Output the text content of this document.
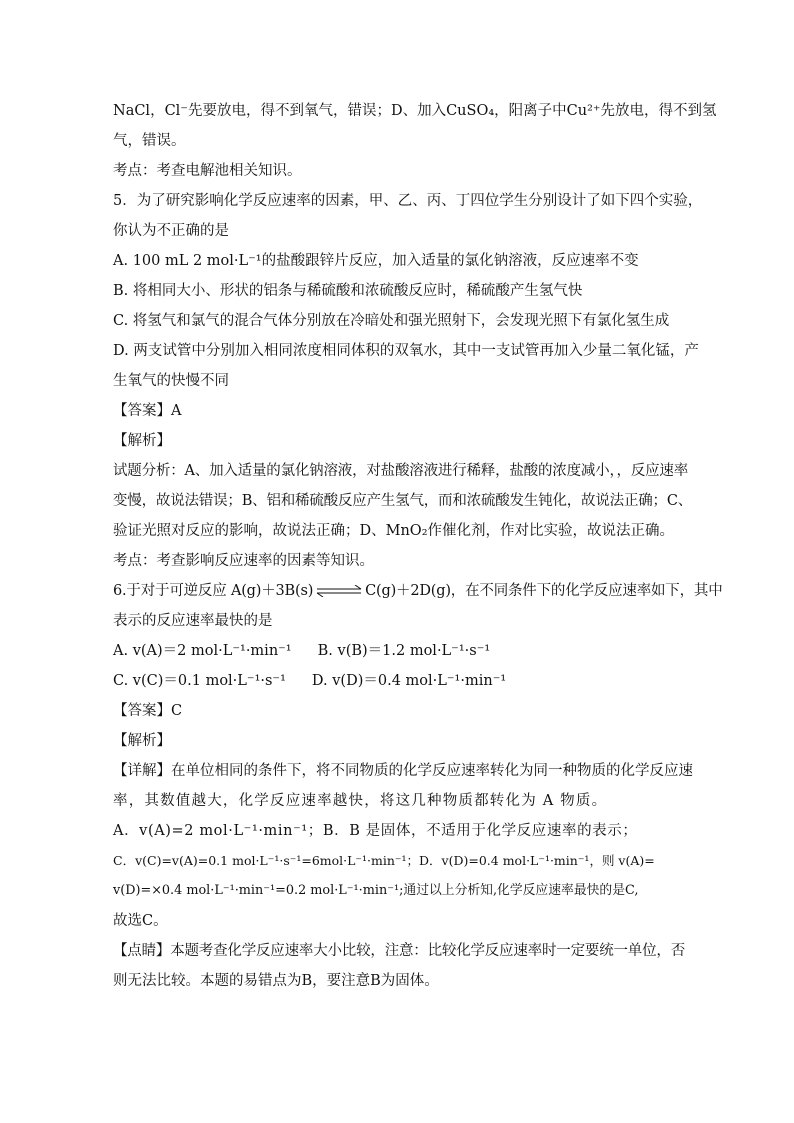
NaCl，Cl⁻先要放电，得不到氧气，错误；D、加入CuSO₄，阳离子中Cu²⁺先放电，得不到氢
气，错误。
考点：考查电解池相关知识。
5．为了研究影响化学反应速率的因素，甲、乙、丙、丁四位学生分别设计了如下四个实验，
你认为不正确的是
A. 100 mL 2 mol·L⁻¹的盐酸跟锌片反应，加入适量的氯化钠溶液，反应速率不变
B. 将相同大小、形状的铝条与稀硫酸和浓硫酸反应时，稀硫酸产生氢气快
C. 将氢气和氯气的混合气体分别放在冷暗处和强光照射下，会发现光照下有氯化氢生成
D. 两支试管中分别加入相同浓度相同体积的双氧水，其中一支试管再加入少量二氧化锰，产
生氧气的快慢不同
【答案】A
【解析】
试题分析：A、加入适量的氯化钠溶液，对盐酸溶液进行稀释，盐酸的浓度减小，，反应速率
变慢，故说法错误；B、铝和稀硫酸反应产生氢气，而和浓硫酸发生钝化，故说法正确；C、
验证光照对反应的影响，故说法正确；D、MnO₂作催化剂，作对比实验，故说法正确。
考点：考查影响反应速率的因素等知识。
6.于对于可逆反应 A(g)＋3B(s) ⇌ C(g)＋2D(g)，在不同条件下的化学反应速率如下，其中
表示的反应速率最快的是
A. v(A)＝2 mol·L⁻¹·min⁻¹ B. v(B)＝1.2 mol·L⁻¹·s⁻¹
C. v(C)＝0.1 mol·L⁻¹·s⁻¹ D. v(D)＝0.4 mol·L⁻¹·min⁻¹
【答案】C
【解析】
【详解】在单位相同的条件下，将不同物质的化学反应速率转化为同一种物质的化学反应速
率，其数值越大，化学反应速率越快，将这几种物质都转化为 A 物质。
A．v(A)=2 mol·L⁻¹·min⁻¹；B．B 是固体，不适用于化学反应速率的表示；
C．v(C)=v(A)=0.1 mol·L⁻¹·s⁻¹=6mol·L⁻¹·min⁻¹；D．v(D)=0.4 mol·L⁻¹·min⁻¹，则 v(A)=
v(D)=×0.4 mol·L⁻¹·min⁻¹=0.2 mol·L⁻¹·min⁻¹;通过以上分析知,化学反应速率最快的是C,
故选C。
【点睛】本题考查化学反应速率大小比较，注意：比较化学反应速率时一定要统一单位，否
则无法比较。本题的易错点为B，要注意B为固体。
